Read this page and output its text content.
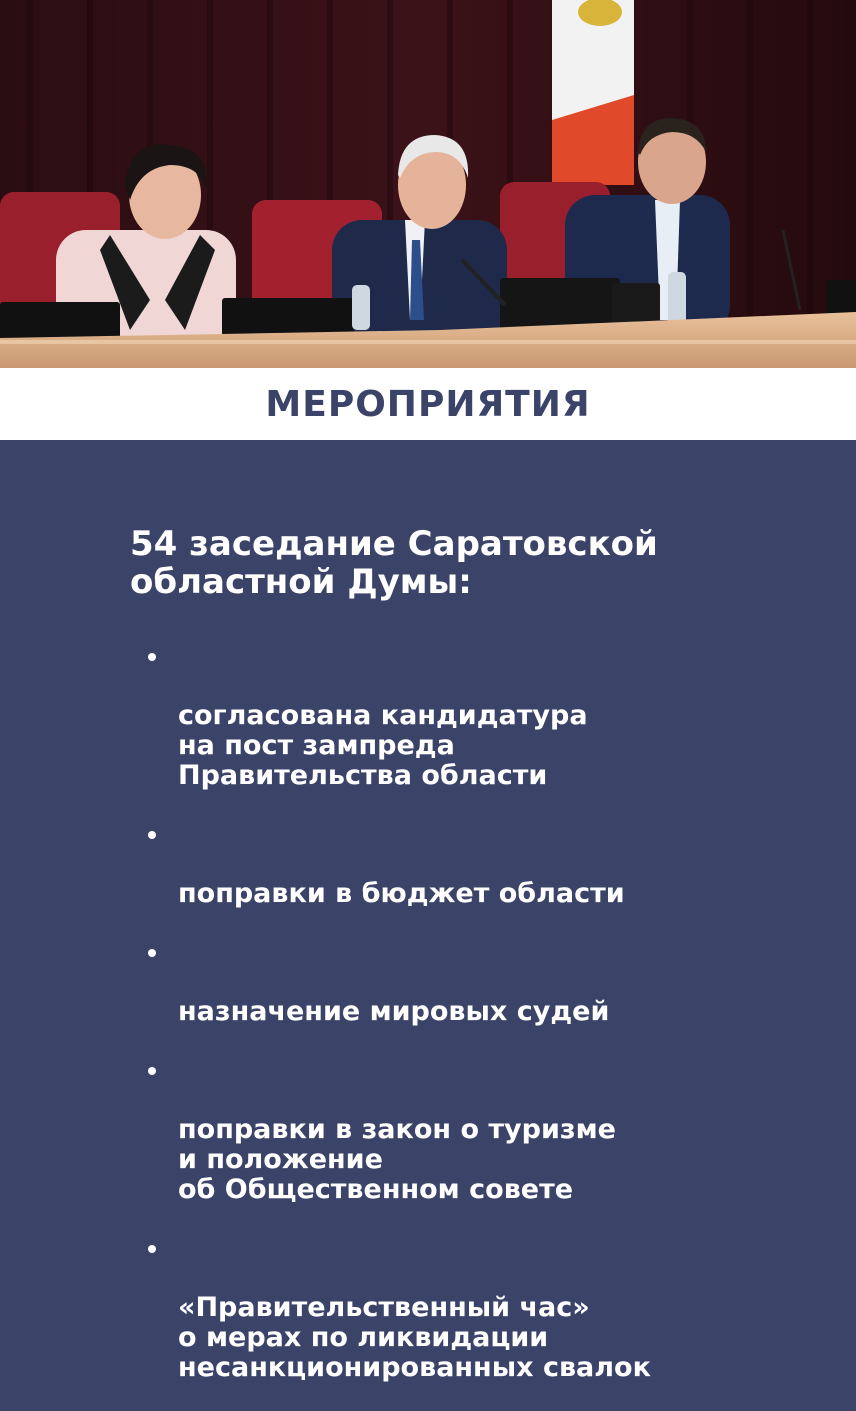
МЕРОПРИЯТИЯ
54 заседание Саратовской
областной Думы:

согласована кандидатура
на пост зампреда
Правительства области

поправки в бюджет области

назначение мировых судей

поправки в закон о туризме
и положение
об Общественном совете

«Правительственный час»
о мерах по ликвидации
несанкционированных свалок
